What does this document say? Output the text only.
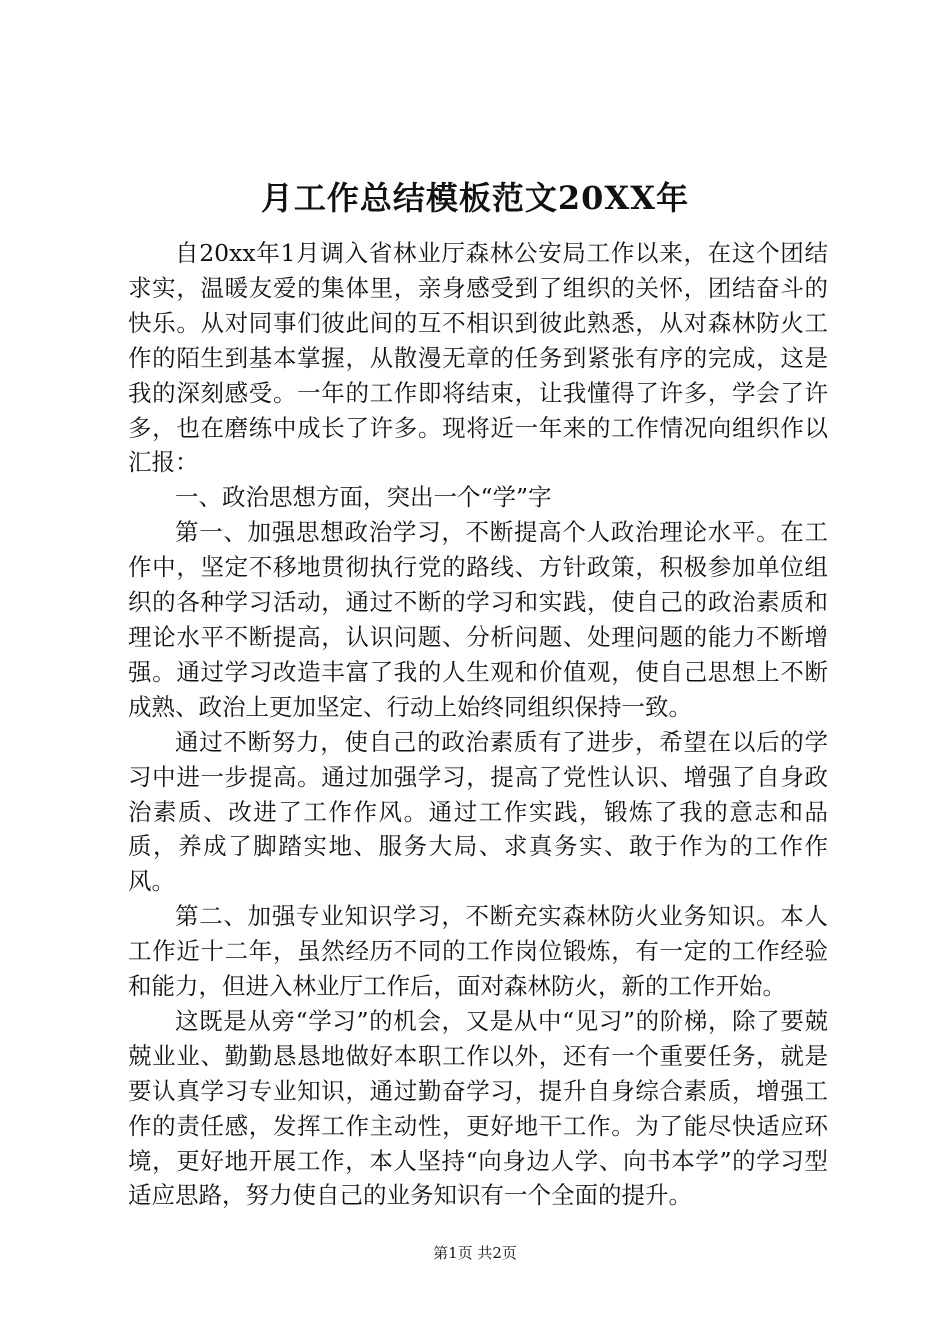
月工作总结模板范文20XX年

自20xx年1月调入省林业厅森林公安局工作以来，在这个团结求实，温暖友爱的集体里，亲身感受到了组织的关怀，团结奋斗的快乐。从对同事们彼此间的互不相识到彼此熟悉，从对森林防火工作的陌生到基本掌握，从散漫无章的任务到紧张有序的完成，这是我的深刻感受。一年的工作即将结束，让我懂得了许多，学会了许多，也在磨练中成长了许多。现将近一年来的工作情况向组织作以汇报：

一、政治思想方面，突出一个“学”字

第一、加强思想政治学习，不断提高个人政治理论水平。在工作中，坚定不移地贯彻执行党的路线、方针政策，积极参加单位组织的各种学习活动，通过不断的学习和实践，使自己的政治素质和理论水平不断提高，认识问题、分析问题、处理问题的能力不断增强。通过学习改造丰富了我的人生观和价值观，使自己思想上不断成熟、政治上更加坚定、行动上始终同组织保持一致。

通过不断努力，使自己的政治素质有了进步，希望在以后的学习中进一步提高。通过加强学习，提高了党性认识、增强了自身政治素质、改进了工作作风。通过工作实践，锻炼了我的意志和品质，养成了脚踏实地、服务大局、求真务实、敢于作为的工作作风。

第二、加强专业知识学习，不断充实森林防火业务知识。本人工作近十二年，虽然经历不同的工作岗位锻炼，有一定的工作经验和能力，但进入林业厅工作后，面对森林防火，新的工作开始。

这既是从旁“学习”的机会，又是从中“见习”的阶梯，除了要兢兢业业、勤勤恳恳地做好本职工作以外，还有一个重要任务，就是要认真学习专业知识，通过勤奋学习，提升自身综合素质，增强工作的责任感，发挥工作主动性，更好地干工作。为了能尽快适应环境，更好地开展工作，本人坚持“向身边人学、向书本学”的学习型适应思路，努力使自己的业务知识有一个全面的提升。

第1页 共2页
